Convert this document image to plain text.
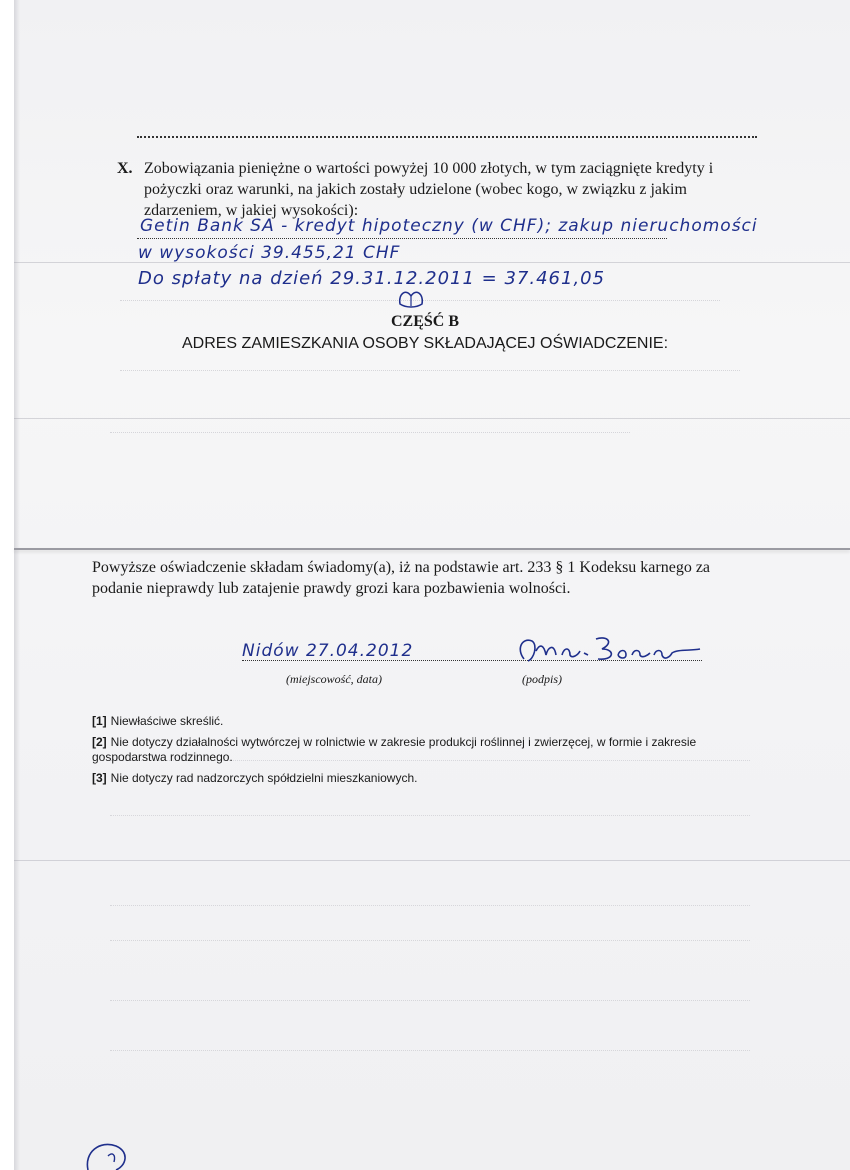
X. Zobowiązania pieniężne o wartości powyżej 10 000 złotych, w tym zaciągnięte kredyty i pożyczki oraz warunki, na jakich zostały udzielone (wobec kogo, w związku z jakim zdarzeniem, w jakiej wysokości):
Getin Bank SA - kredyt hipoteczny (w CHF); zakup nieruchomości
w wysokości 39.455,21 CHF
Do spłaty na dzień 29.31.12.2011 = 37.461,05
CZĘŚĆ B
ADRES ZAMIESZKANIA OSOBY SKŁADAJĄCEJ OŚWIADCZENIE:
Powyższe oświadczenie składam świadomy(a), iż na podstawie art. 233 § 1 Kodeksu karnego za podanie nieprawdy lub zatajenie prawdy grozi kara pozbawienia wolności.
Nidów 27.04.2012
(miejscowość, data)	(podpis)
[1] Niewłaściwe skreślić.
[2] Nie dotyczy działalności wytwórczej w rolnictwie w zakresie produkcji roślinnej i zwierzęcej, w formie i zakresie gospodarstwa rodzinnego.
[3] Nie dotyczy rad nadzorczych spółdzielni mieszkaniowych.
